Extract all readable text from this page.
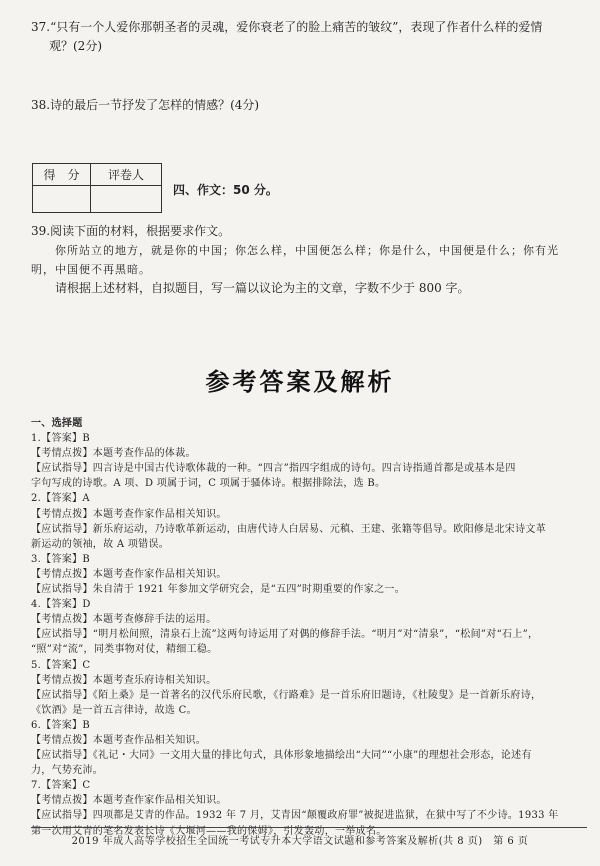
37.“只有一个人爱你那朝圣者的灵魂，爱你衰老了的脸上痛苦的皱纹”，表现了作者什么样的爱情
观？(2分)
38.诗的最后一节抒发了怎样的情感？(4分)
得　分	评卷人

四、作文：50 分。

39.阅读下面的材料，根据要求作文。

你所站立的地方，就是你的中国；你怎么样，中国便怎么样；你是什么，中国便是什么；你有光

明，中国便不再黑暗。

请根据上述材料，自拟题目，写一篇以议论为主的文章，字数不少于 800 字。

参考答案及解析
一、选择题
1.【答案】B
【考情点拨】本题考查作品的体裁。
【应试指导】四言诗是中国古代诗歌体裁的一种。“四言”指四字组成的诗句。四言诗指通首都是或基本是四
字句写成的诗歌。A 项、D 项属于词，C 项属于骚体诗。根据排除法，选 B。
2.【答案】A
【考情点拨】本题考查作家作品相关知识。
【应试指导】新乐府运动，乃诗歌革新运动，由唐代诗人白居易、元稹、王建、张籍等倡导。欧阳修是北宋诗文革
新运动的领袖，故 A 项错误。
3.【答案】B
【考情点拨】本题考查作家作品相关知识。
【应试指导】朱自清于 1921 年参加文学研究会，是“五四”时期重要的作家之一。
4.【答案】D
【考情点拨】本题考查修辞手法的运用。
【应试指导】“明月松间照，清泉石上流”这两句诗运用了对偶的修辞手法。“明月”对“清泉”，“松间”对“石上”，
“照”对“流”，同类事物对仗，精细工稳。
5.【答案】C
【考情点拨】本题考查乐府诗相关知识。
【应试指导】《陌上桑》是一首著名的汉代乐府民歌，《行路难》是一首乐府旧题诗，《杜陵叟》是一首新乐府诗，
《饮酒》是一首五言律诗，故选 C。
6.【答案】B
【考情点拨】本题考查作品相关知识。
【应试指导】《礼记・大同》一文用大量的排比句式，具体形象地描绘出“大同”“小康”的理想社会形态，论述有
力，气势充沛。
7.【答案】C
【考情点拨】本题考查作家作品相关知识。
【应试指导】四项都是艾青的作品。1932 年 7 月，艾青因“颠覆政府罪”被捉进监狱，在狱中写了不少诗。1933 年
第一次用艾青的笔名发表长诗《大堰河——我的保姆》，引发轰动，一举成名。
2019 年成人高等学校招生全国统一考试专升本大学语文试题和参考答案及解析(共 8 页)　第 6 页
